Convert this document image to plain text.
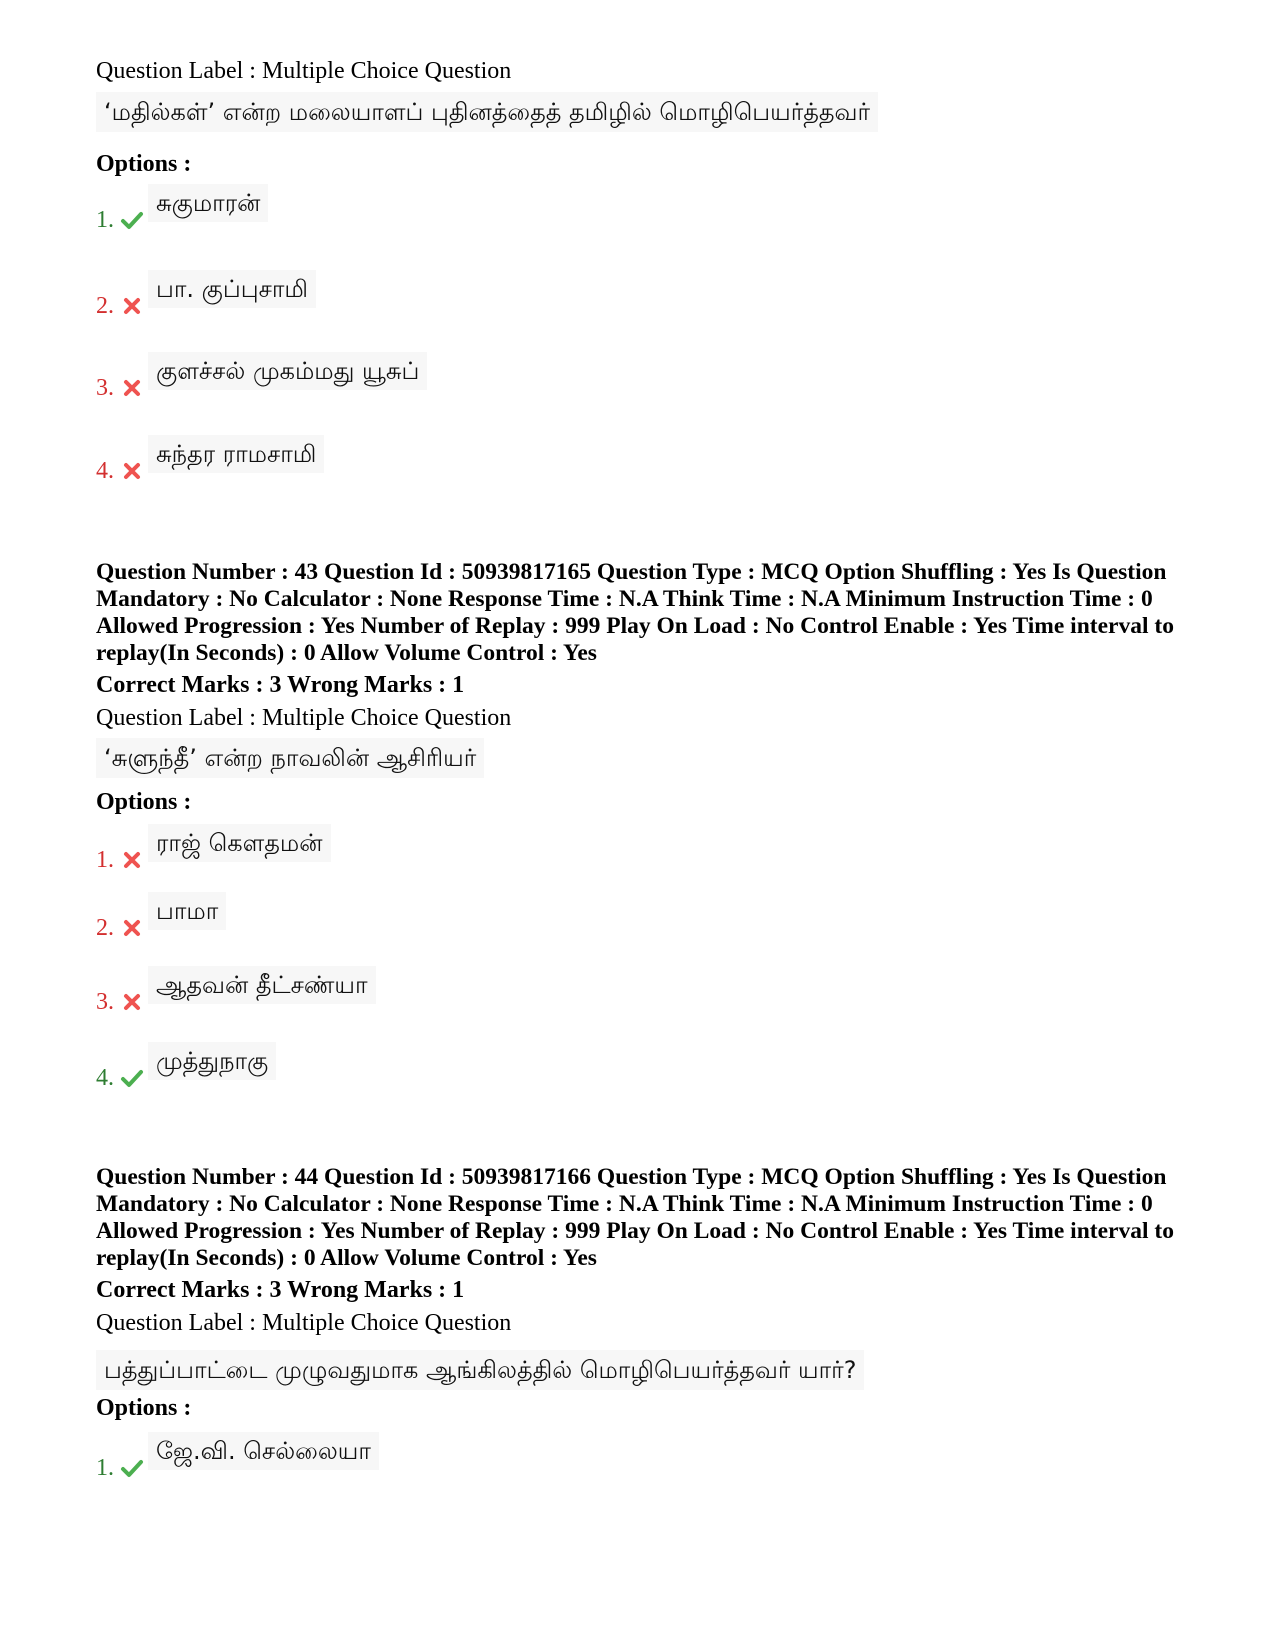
Question Label : Multiple Choice Question
‘மதில்கள்’ என்ற மலையாளப் புதினத்தைத் தமிழில் மொழிபெயர்த்தவர்
Options :
1.
சுகுமாரன்
2.
பா. குப்புசாமி
3.
குளச்சல் முகம்மது யூசுப்
4.
சுந்தர ராமசாமி
Question Number : 43 Question Id : 50939817165 Question Type : MCQ Option Shuffling : Yes Is Question Mandatory : No Calculator : None Response Time : N.A Think Time : N.A Minimum Instruction Time : 0 Allowed Progression : Yes Number of Replay : 999 Play On Load : No Control Enable : Yes Time interval to replay(In Seconds) : 0 Allow Volume Control : Yes
Correct Marks : 3 Wrong Marks : 1
Question Label : Multiple Choice Question
‘சுளுந்தீ’ என்ற நாவலின் ஆசிரியர்
Options :
1.
ராஜ் கௌதமன்
2.
பாமா
3.
ஆதவன் தீட்சண்யா
4.
முத்துநாகு
Question Number : 44 Question Id : 50939817166 Question Type : MCQ Option Shuffling : Yes Is Question Mandatory : No Calculator : None Response Time : N.A Think Time : N.A Minimum Instruction Time : 0 Allowed Progression : Yes Number of Replay : 999 Play On Load : No Control Enable : Yes Time interval to replay(In Seconds) : 0 Allow Volume Control : Yes
Correct Marks : 3 Wrong Marks : 1
Question Label : Multiple Choice Question
பத்துப்பாட்டை முழுவதுமாக ஆங்கிலத்தில் மொழிபெயர்த்தவர் யார்?
Options :
1.
ஜே.வி. செல்லையா
